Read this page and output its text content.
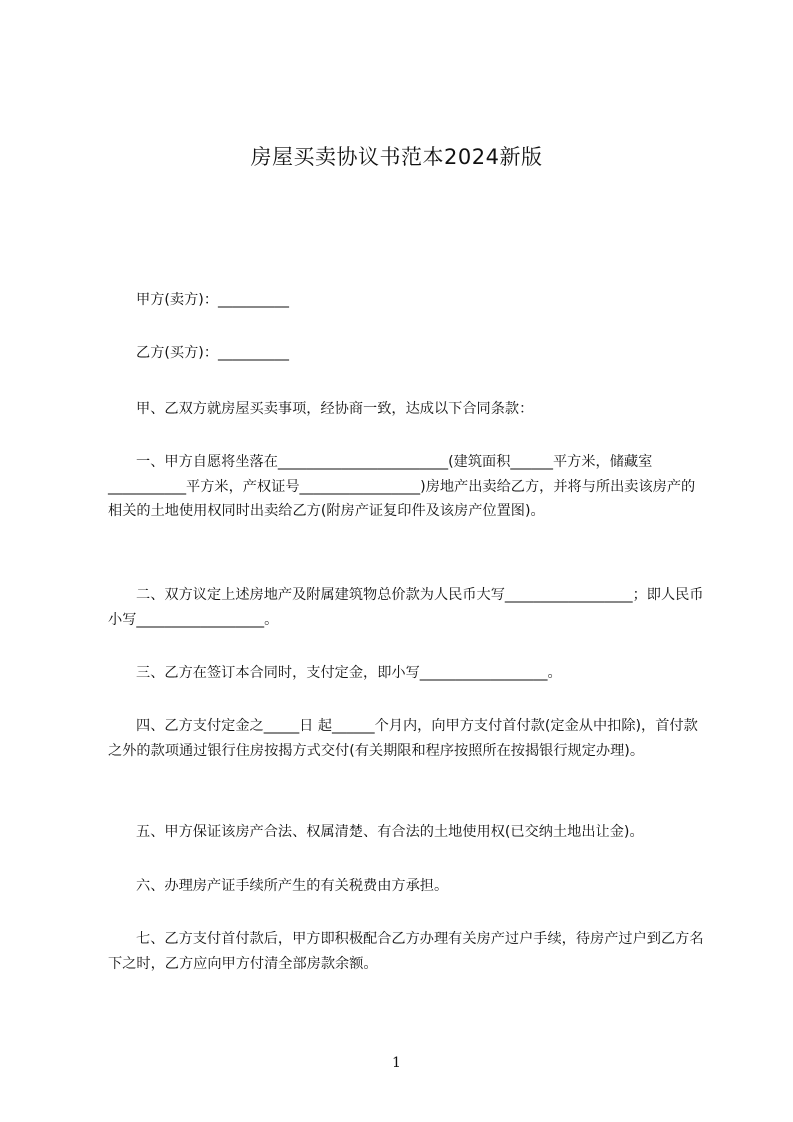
房屋买卖协议书范本2024新版
甲方(卖方)：__________
乙方(买方)：__________
甲、乙双方就房屋买卖事项，经协商一致，达成以下合同条款：
一、甲方自愿将坐落在________________________(建筑面积______平方米，储藏室___________平方米，产权证号_________________)房地产出卖给乙方，并将与所出卖该房产的相关的土地使用权同时出卖给乙方(附房产证复印件及该房产位置图)。
二、双方议定上述房地产及附属建筑物总价款为人民币大写__________________；即人民币小写__________________。
三、乙方在签订本合同时，支付定金，即小写__________________。
四、乙方支付定金之_____日 起______个月内，向甲方支付首付款(定金从中扣除)，首付款之外的款项通过银行住房按揭方式交付(有关期限和程序按照所在按揭银行规定办理)。
五、甲方保证该房产合法、权属清楚、有合法的土地使用权(已交纳土地出让金)。
六、办理房产证手续所产生的有关税费由方承担。
七、乙方支付首付款后，甲方即积极配合乙方办理有关房产过户手续，待房产过户到乙方名下之时，乙方应向甲方付清全部房款余额。
1
